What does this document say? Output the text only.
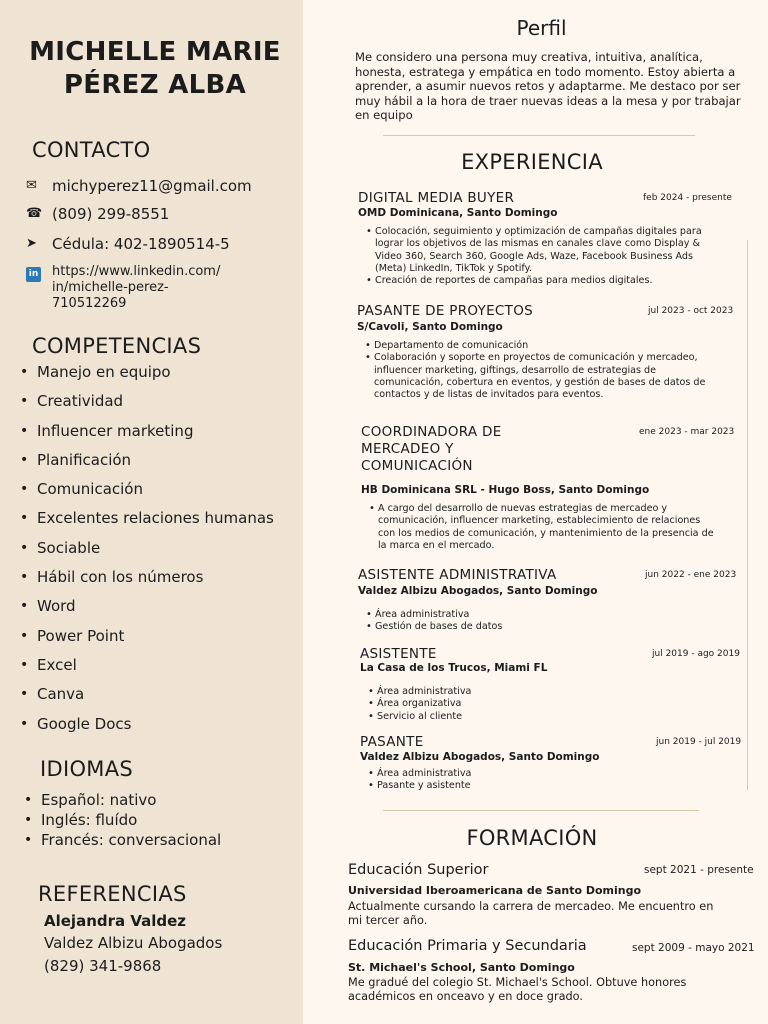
MICHELLE MARIE PÉREZ ALBA
CONTACTO
✉	michyperez11@gmail.com
☎ (809) 299-8551
➤	Cédula: 402-1890514-5
in	https://www.linkedin.com/ in/michelle-perez- 710512269
COMPETENCIAS
• Manejo en equipo
• Creatividad
• Influencer marketing
• Planificación
• Comunicación
• Excelentes relaciones humanas
• Sociable
• Hábil con los números
• Word
• Power Point
• Excel
• Canva
• Google Docs
IDIOMAS
• Español: nativo
• Inglés: fluído
• Francés: conversacional
REFERENCIAS
Alejandra Valdez
Valdez Albizu Abogados
(829) 341-9868
Perfil
Me considero una persona muy creativa, intuitiva, analítica, honesta, estratega y empática en todo momento. Estoy abierta a aprender, a asumir nuevos retos y adaptarme. Me destaco por ser muy hábil a la hora de traer nuevas ideas a la mesa y por trabajar en equipo
EXPERIENCIA
DIGITAL MEDIA BUYER	feb 2024 - presente
OMD Dominicana, Santo Domingo
• Colocación, seguimiento y optimización de campañas digitales para lograr los objetivos de las mismas en canales clave como Display & Video 360, Search 360, Google Ads, Waze, Facebook Business Ads (Meta) LinkedIn, TikTok y Spotify.
• Creación de reportes de campañas para medios digitales.
PASANTE DE PROYECTOS	jul 2023 - oct 2023
S/Cavoli, Santo Domingo
• Departamento de comunicación
• Colaboración y soporte en proyectos de comunicación y mercadeo, influencer marketing, giftings, desarrollo de estrategias de comunicación, cobertura en eventos, y gestión de bases de datos de contactos y de listas de invitados para eventos.
COORDINADORA DE MERCADEO Y COMUNICACIÓN
ene 2023 - mar 2023
HB Dominicana SRL - Hugo Boss, Santo Domingo
• A cargo del desarrollo de nuevas estrategias de mercadeo y comunicación, influencer marketing, establecimiento de relaciones con los medios de comunicación, y mantenimiento de la presencia de la marca en el mercado.
ASISTENTE ADMINISTRATIVA	jun 2022 - ene 2023
Valdez Albizu Abogados, Santo Domingo
• Área administrativa
• Gestión de bases de datos
ASISTENTE	jul 2019 - ago 2019
La Casa de los Trucos, Miami FL
• Área administrativa
• Área organizativa
• Servicio al cliente
PASANTE	jun 2019 - jul 2019
Valdez Albizu Abogados, Santo Domingo
• Área administrativa
• Pasante y asistente
FORMACIÓN
Educación Superior	sept 2021 - presente
Universidad Iberoamericana de Santo Domingo
Actualmente cursando la carrera de mercadeo. Me encuentro en mi tercer año.
Educación Primaria y Secundaria	sept 2009 - mayo 2021
St. Michael's School, Santo Domingo
Me gradué del colegio St. Michael's School. Obtuve honores académicos en onceavo y en doce grado.
